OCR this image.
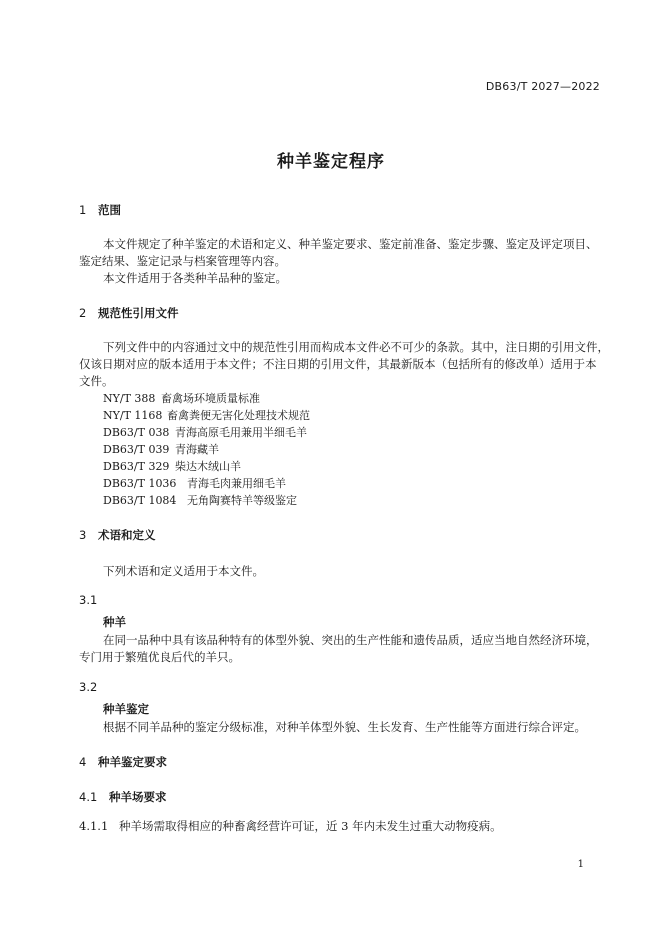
DB63/T 2027—2022
种羊鉴定程序
1 范围
本文件规定了种羊鉴定的术语和定义、种羊鉴定要求、鉴定前准备、鉴定步骤、鉴定及评定项目、
鉴定结果、鉴定记录与档案管理等内容。
本文件适用于各类种羊品种的鉴定。
2 规范性引用文件
下列文件中的内容通过文中的规范性引用而构成本文件必不可少的条款。其中，注日期的引用文件，
仅该日期对应的版本适用于本文件；不注日期的引用文件，其最新版本（包括所有的修改单）适用于本
文件。
NY/T 388 畜禽场环境质量标准
NY/T 1168 畜禽粪便无害化处理技术规范
DB63/T 038 青海高原毛用兼用半细毛羊
DB63/T 039 青海藏羊
DB63/T 329 柴达木绒山羊
DB63/T 1036 青海毛肉兼用细毛羊
DB63/T 1084 无角陶赛特羊等级鉴定
3 术语和定义
下列术语和定义适用于本文件。
3.1
种羊
在同一品种中具有该品种特有的体型外貌、突出的生产性能和遗传品质，适应当地自然经济环境，
专门用于繁殖优良后代的羊只。
3.2
种羊鉴定
根据不同羊品种的鉴定分级标准，对种羊体型外貌、生长发育、生产性能等方面进行综合评定。
4 种羊鉴定要求
4.1 种羊场要求
4.1.1 种羊场需取得相应的种畜禽经营许可证，近 3 年内未发生过重大动物疫病。
1
